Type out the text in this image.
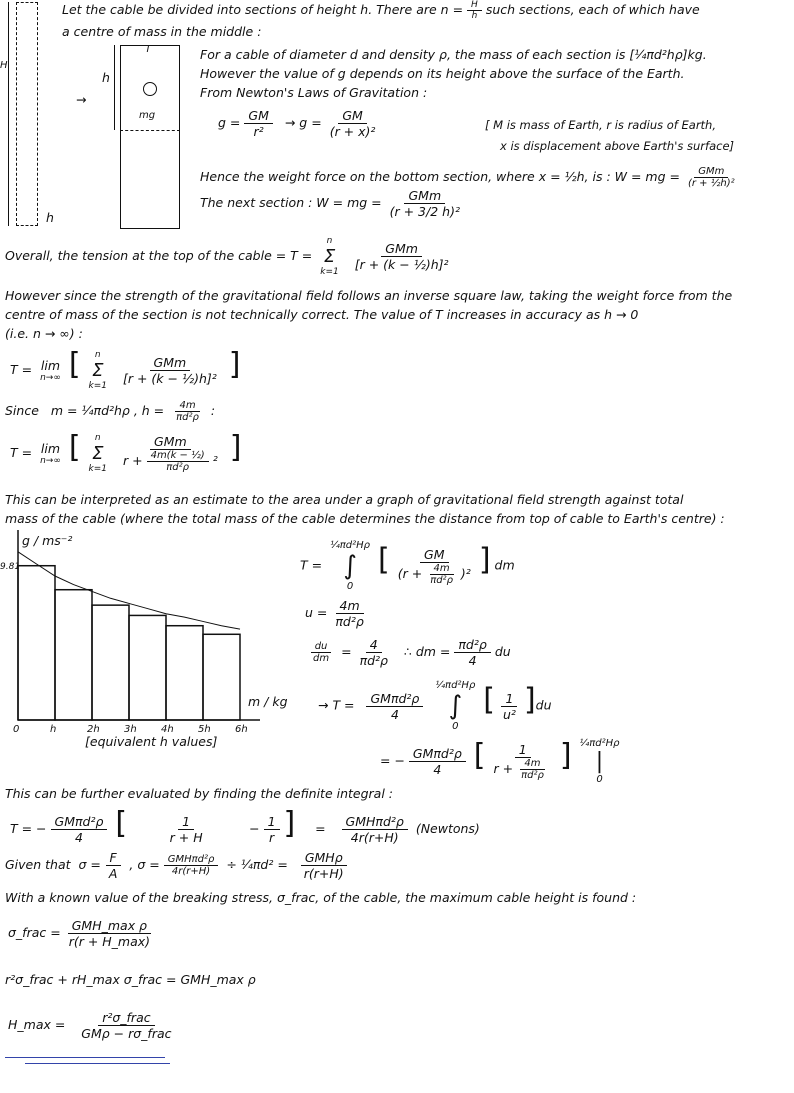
H
h
→
h
T
mg
Let the cable be divided into sections of height h. There are $n = \frac{H}{h}$ such sections, each of which have
a centre of mass in the middle :
For a cable of diameter d and density ρ, the mass of each section is [¼πd²hρ]kg.
However the value of g depends on its height above the surface of the Earth.
From Newton's Laws of Gravitation :
$g = \frac{GM}{\text{r²}} \to g = \frac{GM}{\text{(r + x)²}}$	[ M is mass of Earth, r is radius of Earth,
x is displacement above Earth's surface]
Hence the weight force on the bottom section, where x = ½h, is : W = mg = $\frac{\text{GMm}}{\text{(r + ½h)²}}$
The next section : W = mg = $\frac{\text{GMm}}{\text{(r + 3/2 h)²}}$
Overall, the tension at the top of the cable = T =
n
Σ
k=1
$\frac{\text{GMm}}{\text{[r + (k − ½)h]²}}$
However since the strength of the gravitational field follows an inverse square law, taking the weight force from the
centre of mass of the section is not technically correct. The value of T increases in accuracy as h → 0
(i.e. n → ∞) :
T = lim
n→∞ [ n
Σ
k=1
$\frac{\text{GMm}}{\text{[r + (k − ½)h]²}}$ ]
Since m = ¼πd²hρ , $h = \frac{4m}{\text{πd²ρ}}$ :
T = lim
n→∞ [ n
Σ
k=1
$\frac{\text{GMm}}{r + \frac{\text{4m(k − ½)}}{\text{πd²ρ}} ^2}$ ]
This can be interpreted as an estimate to the area under a graph of gravitational field strength against total
mass of the cable (where the total mass of the cable determines the distance from top of cable to Earth's centre) :
g / ms⁻²
9.81
m / kg
0	h	2h 3h 4h 5h 6h
[equivalent h values]
T =
¼πd²Hρ
∫
0
[ $\frac{GM}{(r + \frac{4m}{\text{πd²ρ}} )^2}$ ] dm
$u = \frac{4m}{\text{πd²ρ}}$
$\frac{du}{dm} = \frac{4}{\text{πd²ρ}}$ ∴ dm = $\frac{\text{πd²ρ}}{4}$ du
→ $T = \frac{\text{GMπd²ρ}}{4}$

¼πd²Hρ
∫
0
[ $\frac{1}{\text{u²}} ]du$
= − $\frac{\text{GMπd²ρ}}{4}$ [ $\frac{1}{r + \frac{4m}{\text{πd²ρ}}}$ ] ¼πd²Hρ
|
0
This can be further evaluated by finding the definite integral :
T = − $\frac{\text{GMπd²ρ}}{4}$ [ $\frac{1}{r + H} - \frac{1}{r}$ ] = $\frac{\text{GMHπd²ρ}}{4r(r+H)}$ (Newtons)
Given that $\sigma = \frac{F}{A}$ , $\sigma = \frac{\text{GMHπd²ρ}}{4r(r+H)}$ ÷ ¼πd² = $\frac{\text{GMHρ}}{r(r+H)}$
With a known value of the breaking stress, σ_frac, of the cable, the maximum cable height is found :
σ_frac = $\frac{\text{GMH\_max ρ}}{r(r + H\_\max)}$
r²σ_frac + rH_max σ_frac = GMH_max ρ
H_max = $\frac{\text{r²σ\_frac}}{\text{GMρ − rσ\_frac}}$
